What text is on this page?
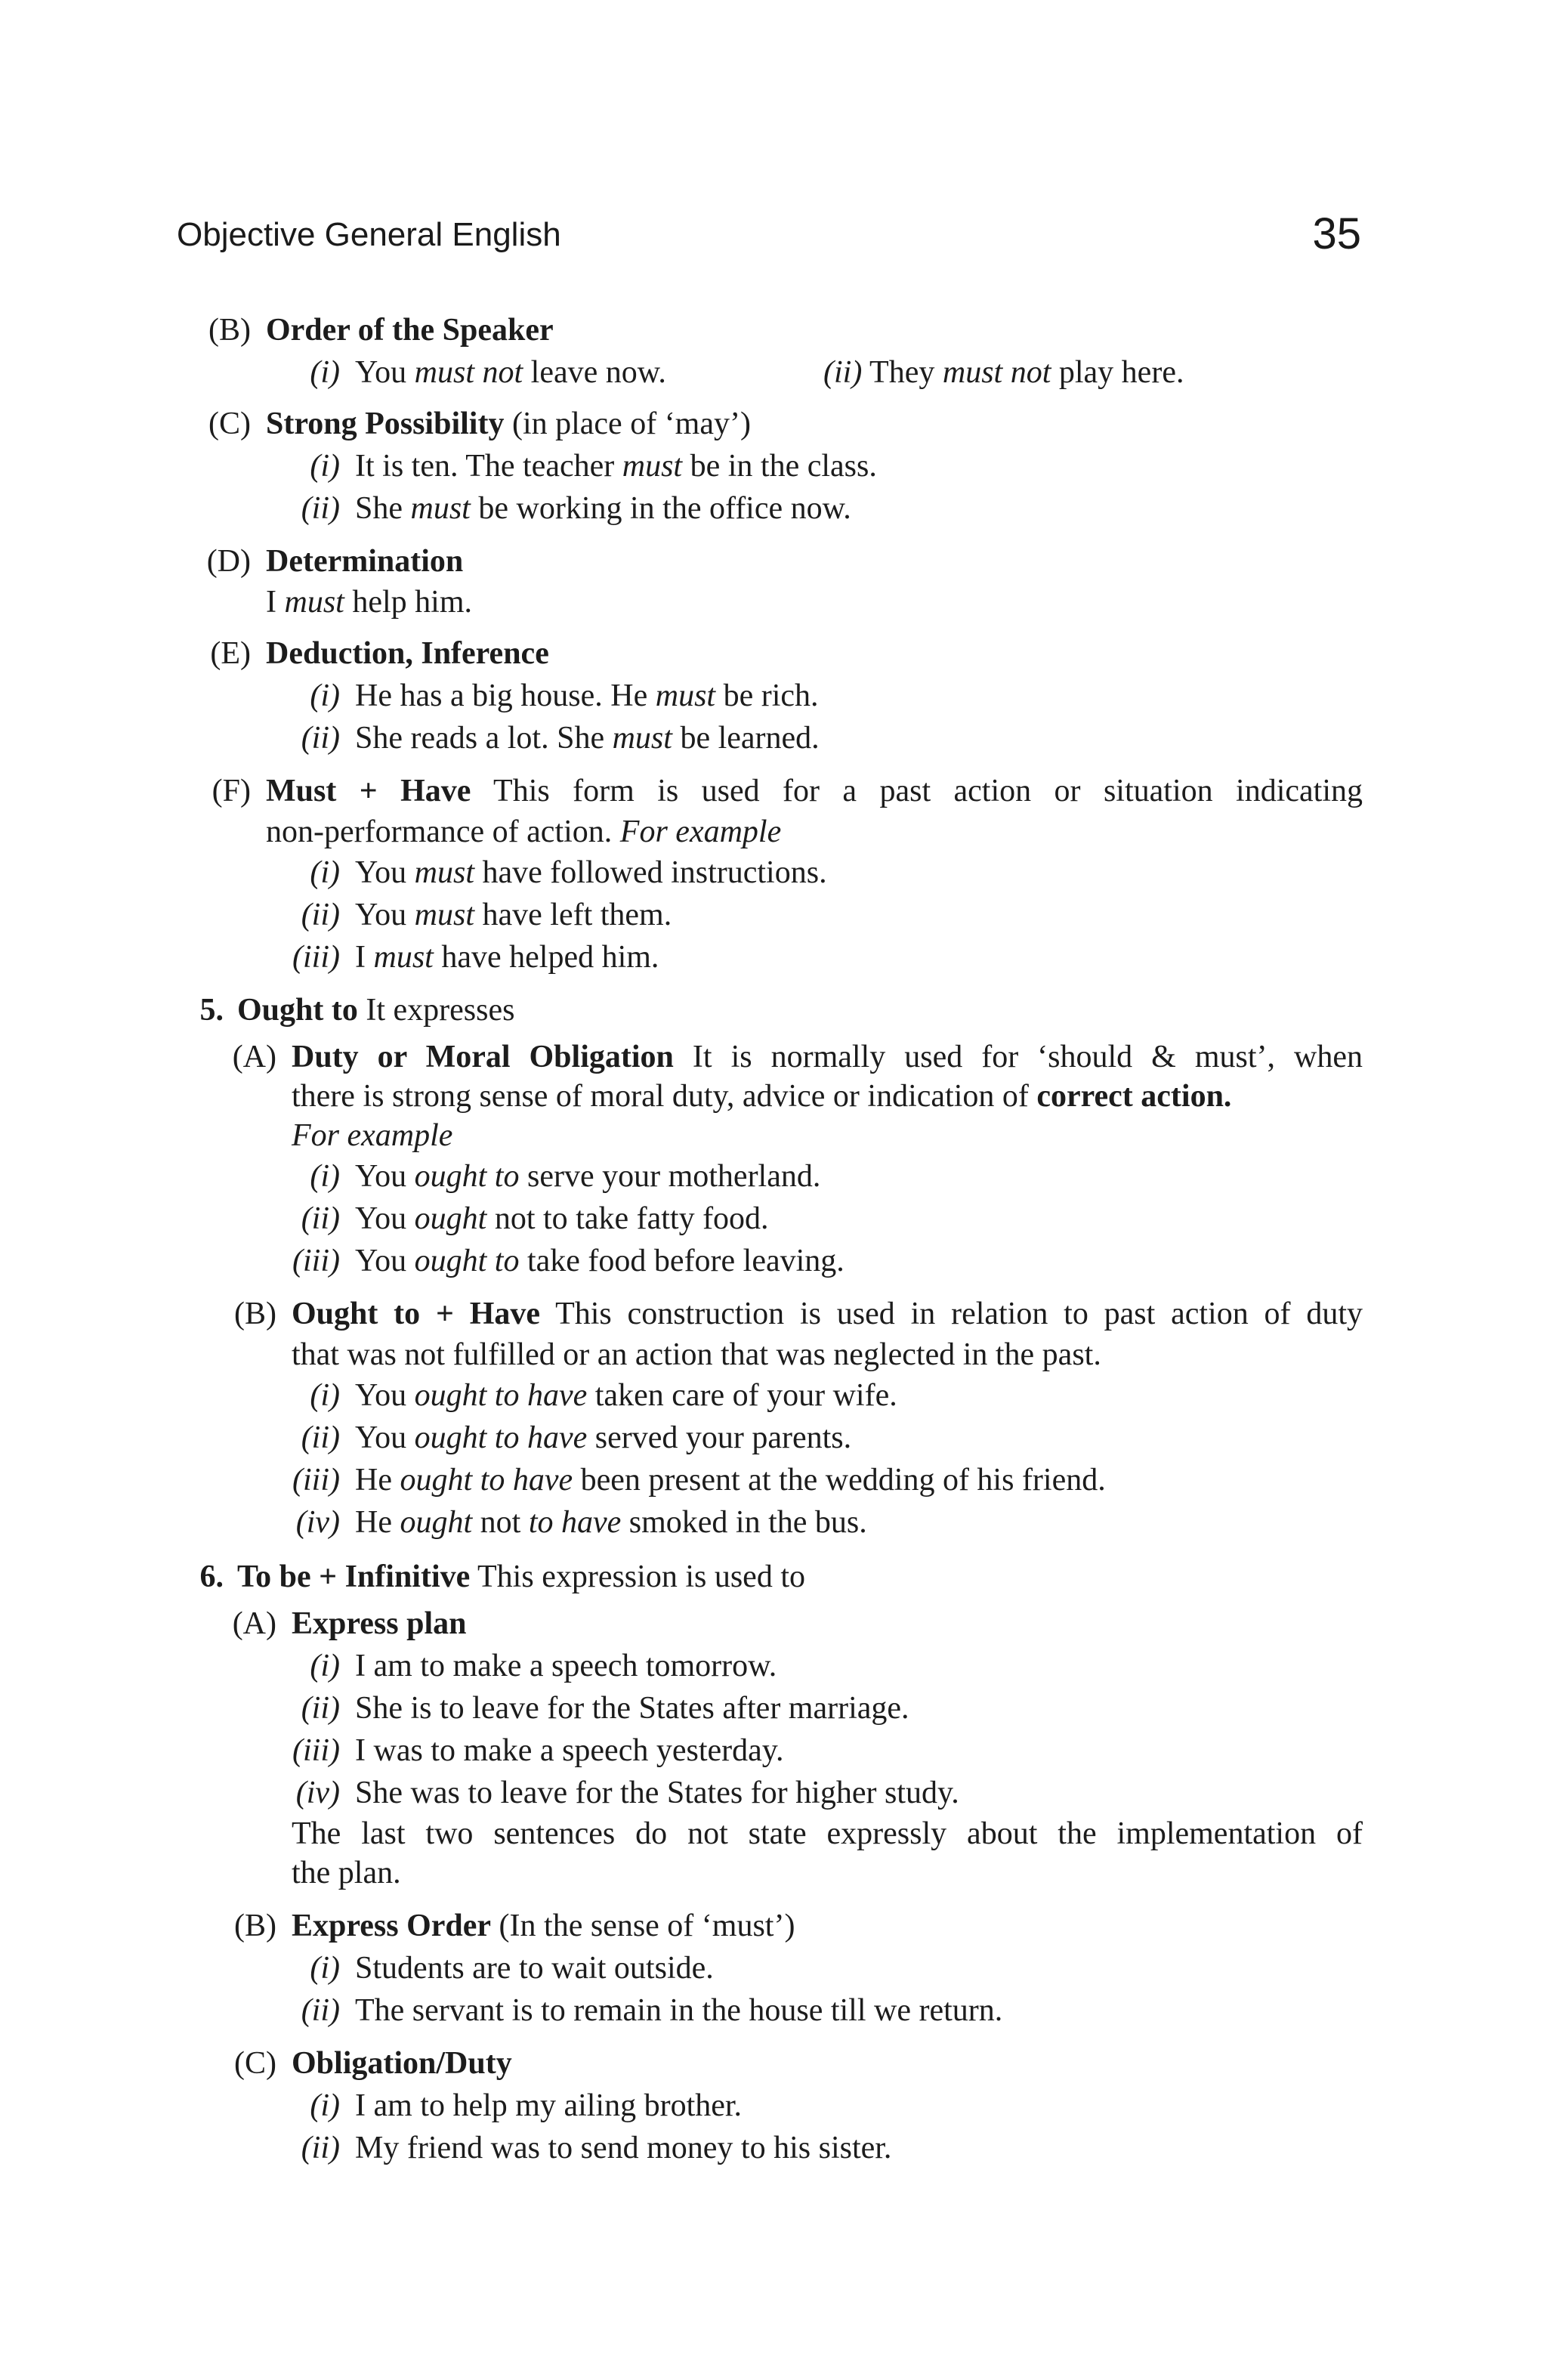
Objective General English	35
(B) Order of the Speaker
(i) You must not leave now.	(ii) They must not play here.
(C) Strong Possibility (in place of ‘may’)
(i) It is ten. The teacher must be in the class.
(ii) She must be working in the office now.
(D) Determination
I must help him.
(E) Deduction, Inference
(i) He has a big house. He must be rich.
(ii) She reads a lot. She must be learned.
(F) Must + Have This form is used for a past action or situation indicating
non-performance of action. For example
(i) You must have followed instructions.
(ii) You must have left them.
(iii) I must have helped him.
5. Ought to It expresses
(A) Duty or Moral Obligation It is normally used for ‘should & must’, when
there is strong sense of moral duty, advice or indication of correct action.
For example
(i) You ought to serve your motherland.
(ii) You ought not to take fatty food.
(iii) You ought to take food before leaving.
(B) Ought to + Have This construction is used in relation to past action of duty
that was not fulfilled or an action that was neglected in the past.
(i) You ought to have taken care of your wife.
(ii) You ought to have served your parents.
(iii) He ought to have been present at the wedding of his friend.
(iv) He ought not to have smoked in the bus.
6. To be + Infinitive This expression is used to
(A) Express plan
(i) I am to make a speech tomorrow.
(ii) She is to leave for the States after marriage.
(iii) I was to make a speech yesterday.
(iv) She was to leave for the States for higher study.
The last two sentences do not state expressly about the implementation of
the plan.
(B) Express Order (In the sense of ‘must’)
(i) Students are to wait outside.
(ii) The servant is to remain in the house till we return.
(C) Obligation/Duty
(i) I am to help my ailing brother.
(ii) My friend was to send money to his sister.
